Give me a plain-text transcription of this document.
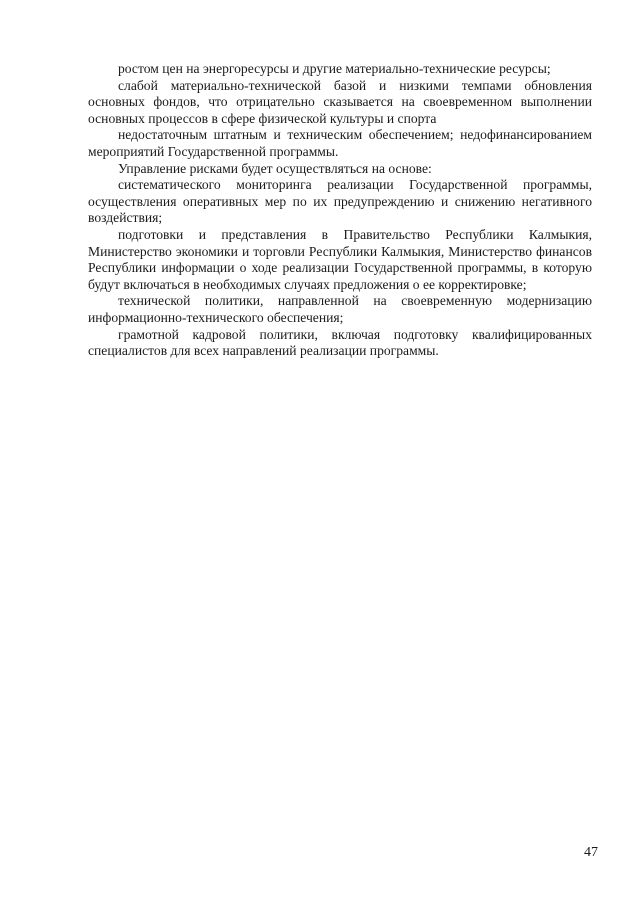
ростом цен на энергоресурсы и другие материально-технические ресурсы;

слабой материально-технической базой и низкими темпами обновления основных фондов, что отрицательно сказывается на своевременном выполнении основных процессов в сфере физической культуры и спорта

недостаточным штатным и техническим обеспечением; недофинансированием мероприятий Государственной программы.

Управление рисками будет осуществляться на основе:

систематического мониторинга реализации Государственной программы, осуществления оперативных мер по их предупреждению и снижению негативного воздействия;

подготовки и представления в Правительство Республики Калмыкия, Министерство экономики и торговли Республики Калмыкия, Министерство финансов Республики информации о ходе реализации Государственной программы, в которую будут включаться в необходимых случаях предложения о ее корректировке;

технической политики, направленной на своевременную модернизацию информационно-технического обеспечения;

грамотной кадровой политики, включая подготовку квалифицированных специалистов для всех направлений реализации программы.

47
